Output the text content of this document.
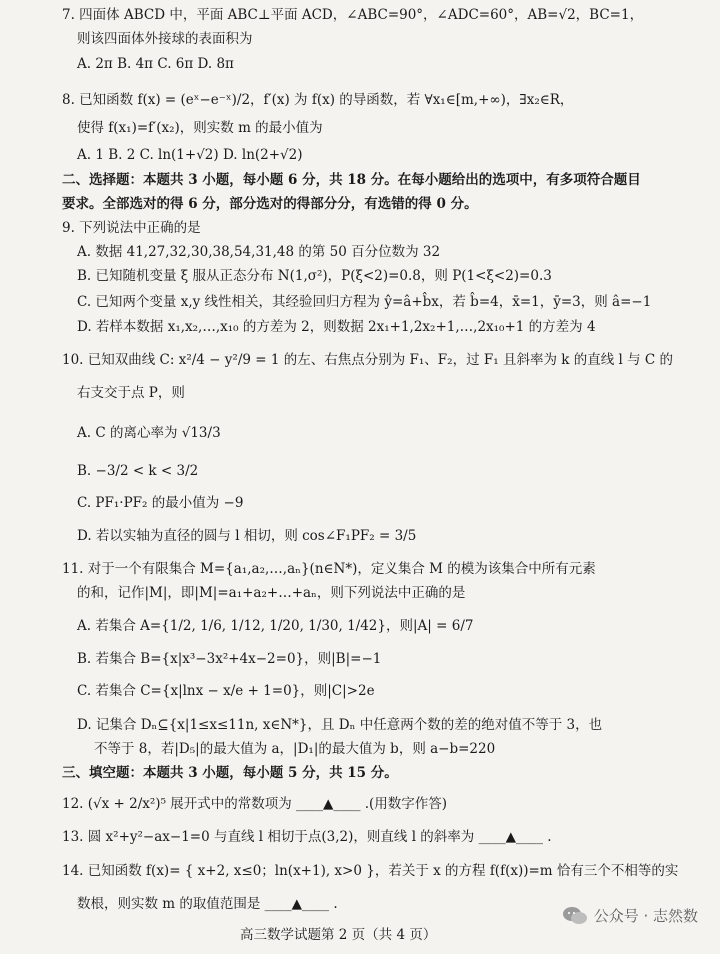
7. 四面体 ABCD 中，平面 ABC⊥平面 ACD，∠ABC=90°，∠ADC=60°，AB=√2，BC=1，
则该四面体外接球的表面积为
A. 2π B. 4π C. 6π D. 8π
8. 已知函数 f(x) = (eˣ−e⁻ˣ)/2，f′(x) 为 f(x) 的导函数，若 ∀x₁∈[m,+∞)，∃x₂∈R，
使得 f(x₁)=f′(x₂)，则实数 m 的最小值为
A. 1 B. 2 C. ln(1+√2) D. ln(2+√2)
二、选择题：本题共 3 小题，每小题 6 分，共 18 分。在每小题给出的选项中，有多项符合题目
要求。全部选对的得 6 分，部分选对的得部分分，有选错的得 0 分。
9. 下列说法中正确的是
A. 数据 41,27,32,30,38,54,31,48 的第 50 百分位数为 32
B. 已知随机变量 ξ 服从正态分布 N(1,σ²)，P(ξ<2)=0.8，则 P(1<ξ<2)=0.3
C. 已知两个变量 x,y 线性相关，其经验回归方程为 ŷ=â+b̂x，若 b̂=4，x̄=1，ȳ=3，则 â=−1
D. 若样本数据 x₁,x₂,…,x₁₀ 的方差为 2，则数据 2x₁+1,2x₂+1,…,2x₁₀+1 的方差为 4
10. 已知双曲线 C: x²/4 − y²/9 = 1 的左、右焦点分别为 F₁、F₂，过 F₁ 且斜率为 k 的直线 l 与 C 的
右支交于点 P，则
A. C 的离心率为 √13/3
B. −3/2 < k < 3/2
C. PF₁·PF₂ 的最小值为 −9
D. 若以实轴为直径的圆与 l 相切，则 cos∠F₁PF₂ = 3/5
11. 对于一个有限集合 M={a₁,a₂,…,aₙ}(n∈N*)，定义集合 M 的模为该集合中所有元素
的和，记作|M|，即|M|=a₁+a₂+…+aₙ，则下列说法中正确的是
A. 若集合 A={1/2, 1/6, 1/12, 1/20, 1/30, 1/42}，则|A| = 6/7
B. 若集合 B={x|x³−3x²+4x−2=0}，则|B|=−1
C. 若集合 C={x|lnx − x/e + 1=0}，则|C|>2e
D. 记集合 Dₙ⊆{x|1≤x≤11n, x∈N*}，且 Dₙ 中任意两个数的差的绝对值不等于 3，也
不等于 8，若|D₅|的最大值为 a，|D₁|的最大值为 b，则 a−b=220
三、填空题：本题共 3 小题，每小题 5 分，共 15 分。
12. (√x + 2/x²)⁵ 展开式中的常数项为 ____▲____ .(用数字作答)
13. 圆 x²+y²−ax−1=0 与直线 l 相切于点(3,2)，则直线 l 的斜率为 ____▲____ .
14. 已知函数 f(x)= { x+2, x≤0；ln(x+1), x>0 }，若关于 x 的方程 f(f(x))=m 恰有三个不相等的实
数根，则实数 m 的取值范围是 ____▲____ .
高三数学试题第 2 页（共 4 页）
公众号 · 志然数
